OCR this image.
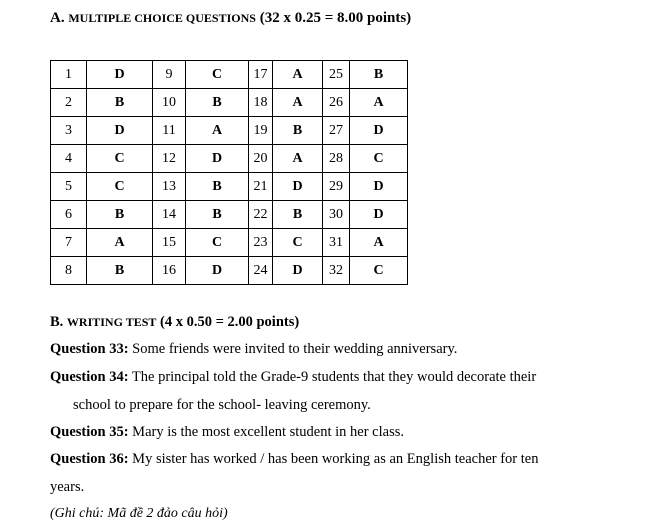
A. MULTIPLE CHOICE QUESTIONS (32 x 0.25 = 8.00 points)
1	D	9	C	17	A	25	B
2	B	10	B	18	A	26	A
3	D	11	A	19	B	27	D
4	C	12	D	20	A	28	C
5	C	13	B	21	D	29	D
6	B	14	B	22	B	30	D
7	A	15	C	23	C	31	A
8	B	16	D	24	D	32	C
B. WRITING TEST (4 x 0.50 = 2.00 points)
Question 33: Some friends were invited to their wedding anniversary.
Question 34: The principal told the Grade-9 students that they would decorate their
school to prepare for the school- leaving ceremony.
Question 35: Mary is the most excellent student in her class.
Question 36: My sister has worked / has been working as an English teacher for ten
years.
(Ghi chú: Mã đề 2 đảo câu hỏi)
